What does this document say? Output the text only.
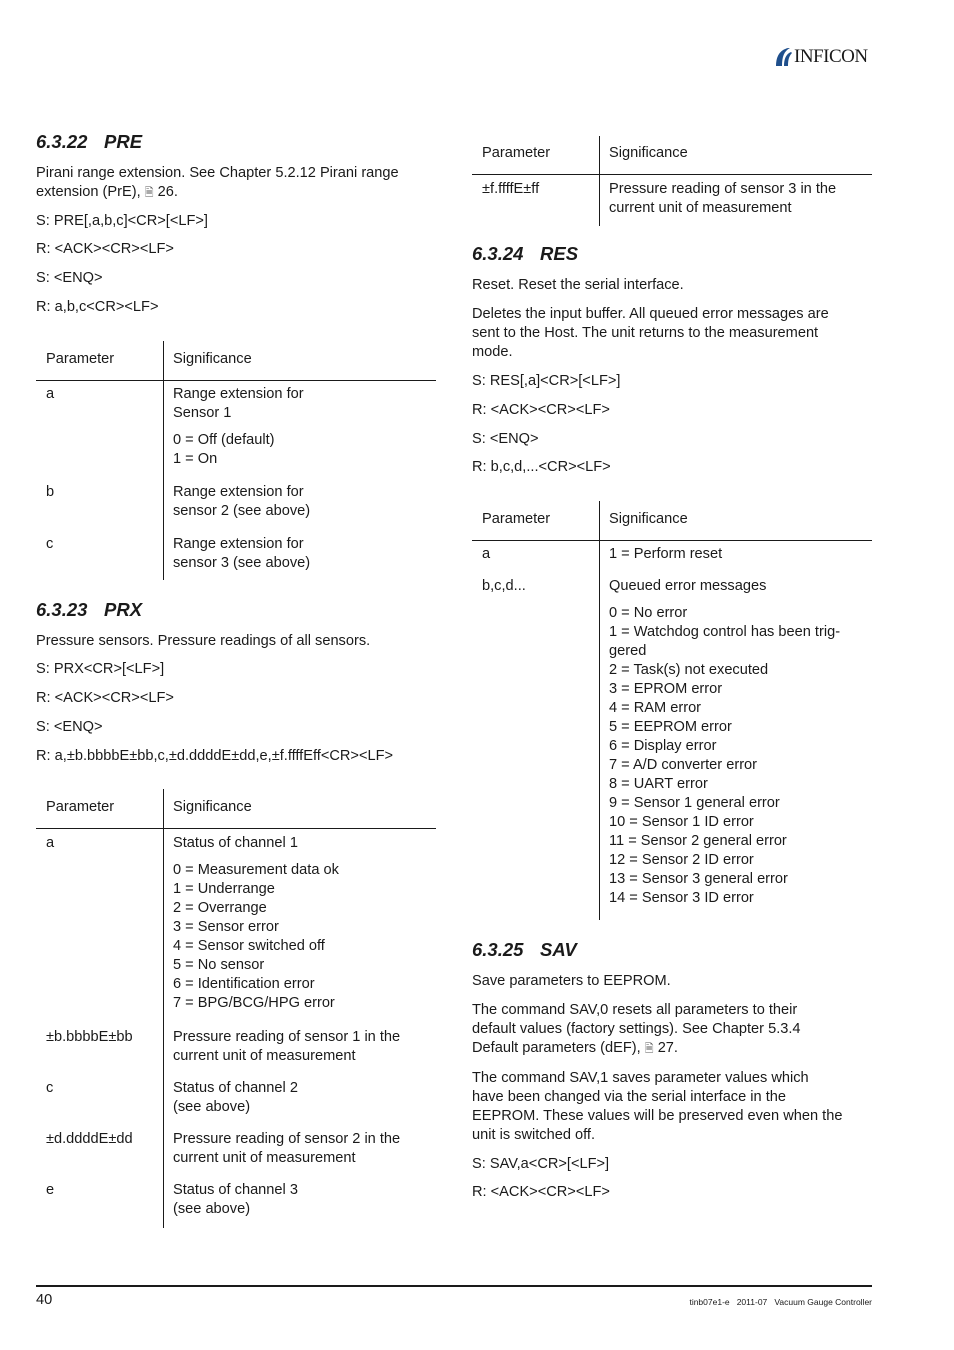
INFICON
6.3.22 PRE

Pirani range extension. See Chapter 5.2.12 Pirani range
extension (PrE), 🗎 26.

S: PRE[,a,b,c]<CR>[<LF>]

R: <ACK><CR><LF>

S: <ENQ>

R: a,b,c<CR><LF>

Parameter	Significance
a	Range extension for
Sensor 1
0 = Off (default)
1 = On
b	Range extension for
sensor 2 (see above)
c	Range extension for
sensor 3 (see above)
6.3.23 PRX

Pressure sensors. Pressure readings of all sensors.

S: PRX<CR>[<LF>]

R: <ACK><CR><LF>

S: <ENQ>

R: a,±b.bbbbE±bb,c,±d.ddddE±dd,e,±f.ffffEff<CR><LF>

Parameter	Significance
a	Status of channel 1
0 = Measurement data ok
1 = Underrange
2 = Overrange
3 = Sensor error
4 = Sensor switched off
5 = No sensor
6 = Identification error
7 = BPG/BCG/HPG error
±b.bbbbE±bb	Pressure reading of sensor 1 in the
current unit of measurement
c	Status of channel 2
(see above)
±d.ddddE±dd	Pressure reading of sensor 2 in the
current unit of measurement
e	Status of channel 3
(see above)
Parameter	Significance
±f.ffffE±ff	Pressure reading of sensor 3 in the
current unit of measurement
6.3.24 RES

Reset. Reset the serial interface.

Deletes the input buffer. All queued error messages are
sent to the Host. The unit returns to the measurement
mode.

S: RES[,a]<CR>[<LF>]

R: <ACK><CR><LF>

S: <ENQ>

R: b,c,d,...<CR><LF>

Parameter	Significance
a	1 = Perform reset
b,c,d...	Queued error messages
0 = No error
1 = Watchdog control has been trig-
gered
2 = Task(s) not executed
3 = EPROM error
4 = RAM error
5 = EEPROM error
6 = Display error
7 = A/D converter error
8 = UART error
9 = Sensor 1 general error
10 = Sensor 1 ID error
11 = Sensor 2 general error
12 = Sensor 2 ID error
13 = Sensor 3 general error
14 = Sensor 3 ID error
6.3.25 SAV

Save parameters to EEPROM.

The command SAV,0 resets all parameters to their
default values (factory settings). See Chapter 5.3.4
Default parameters (dEF), 🗎 27.

The command SAV,1 saves parameter values which
have been changed via the serial interface in the
EEPROM. These values will be preserved even when the
unit is switched off.

S: SAV,a<CR>[<LF>]

R: <ACK><CR><LF>

40	tinb07e1-e   2011-07   Vacuum Gauge Controller
